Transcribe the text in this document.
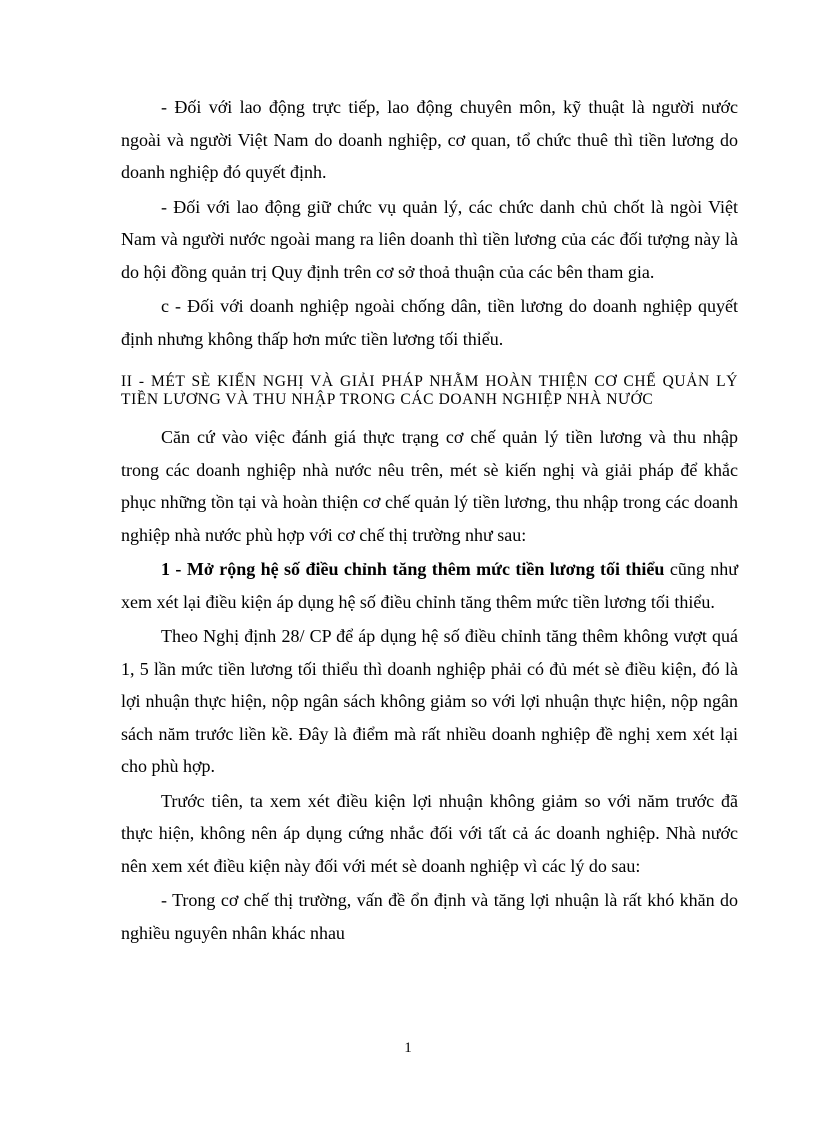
- Đối với lao động trực tiếp, lao động chuyên môn, kỹ thuật là người nước ngoài và người Việt Nam do doanh nghiệp, cơ quan, tổ chức thuê thì tiền lương do doanh nghiệp đó quyết định.

- Đối với lao động giữ chức vụ quản lý, các chức danh chủ chốt là ngòi Việt Nam và người nước ngoài mang ra liên doanh thì tiền lương của các đối tượng này là do hội đồng quản trị Quy định trên cơ sở thoả thuận của các bên tham gia.

c - Đối với doanh nghiệp ngoài chống dân, tiền lương do doanh nghiệp quyết định nhưng không thấp hơn mức tiền lương tối thiểu.

II - MÉT SÈ KIẾN NGHỊ VÀ GIẢI PHÁP NHẰM HOÀN THIỆN CƠ CHẾ QUẢN LÝ TIỀN LƯƠNG VÀ THU NHẬP TRONG CÁC DOANH NGHIỆP NHÀ NƯỚC

Căn cứ vào việc đánh giá thực trạng cơ chế quản lý tiền lương và thu nhập trong các doanh nghiệp nhà nước nêu trên, mét sè kiến nghị và giải pháp để khắc phục những tồn tại và hoàn thiện cơ chế quản lý tiền lương, thu nhập trong các doanh nghiệp nhà nước phù hợp với cơ chế thị trường như sau:

1 - Mở rộng hệ số điều chỉnh tăng thêm mức tiền lương tối thiểu cũng như xem xét lại điều kiện áp dụng hệ số điều chỉnh tăng thêm mức tiền lương tối thiểu.

Theo Nghị định 28/ CP để áp dụng hệ số điều chỉnh tăng thêm không vượt quá 1, 5 lần mức tiền lương tối thiểu thì doanh nghiệp phải có đủ mét sè điều kiện, đó là lợi nhuận thực hiện, nộp ngân sách không giảm so với lợi nhuận thực hiện, nộp ngân sách năm trước liền kề. Đây là điểm mà rất nhiều doanh nghiệp đề nghị xem xét lại cho phù hợp.

Trước tiên, ta xem xét điều kiện lợi nhuận không giảm so với năm trước đã thực hiện, không nên áp dụng cứng nhắc đối với tất cả ác doanh nghiệp. Nhà nước nên xem xét điều kiện này đối với mét sè doanh nghiệp vì các lý do sau:

- Trong cơ chế thị trường, vấn đề ổn định và tăng lợi nhuận là rất khó khăn do nghiều nguyên nhân khác nhau

1
